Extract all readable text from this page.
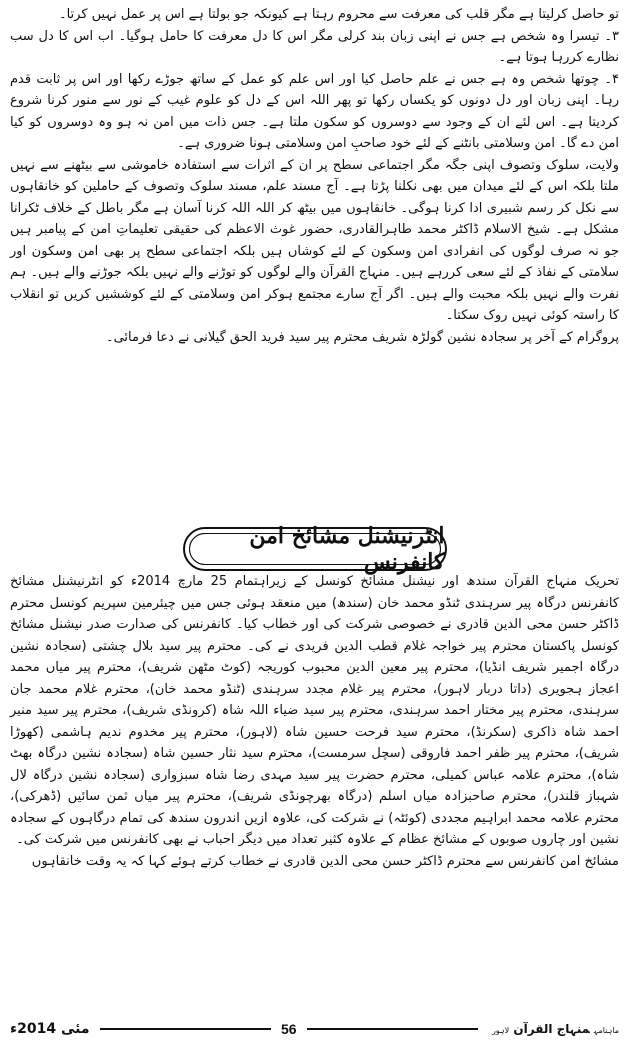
تو حاصل کرلیتا ہے مگر قلب کی معرفت سے محروم رہتا ہے کیونکہ جو بولتا ہے اس پر عمل نہیں کرتا۔

۳۔ تیسرا وہ شخص ہے جس نے اپنی زبان بند کرلی مگر اس کا دل معرفت کا حامل ہوگیا۔ اب اس کا دل سب نظارے کررہا ہوتا ہے۔

۴۔ چوتھا شخص وہ ہے جس نے علم حاصل کیا اور اس علم کو عمل کے ساتھ جوڑے رکھا اور اس پر ثابت قدم رہا۔ اپنی زبان اور دل دونوں کو یکساں رکھا تو پھر اللہ اس کے دل کو علوم غیب کے نور سے منور کرنا شروع کردیتا ہے۔ اس لئے ان کے وجود سے دوسروں کو سکون ملتا ہے۔ جس ذات میں امن نہ ہو وہ دوسروں کو کیا امن دے گا۔ امن وسلامتی بانٹنے کے لئے خود صاحبِ امن وسلامتی ہونا ضروری ہے۔

ولایت، سلوک وتصوف اپنی جگہ مگر اجتماعی سطح پر ان کے اثرات سے استفادہ خاموشی سے بیٹھنے سے نہیں ملتا بلکہ اس کے لئے میدان میں بھی نکلنا پڑتا ہے۔ آج مسند علم، مسند سلوک وتصوف کے حاملین کو خانقاہوں سے نکل کر رسم شبیری ادا کرنا ہوگی۔ خانقاہوں میں بیٹھ کر اللہ اللہ کرنا آسان ہے مگر باطل کے خلاف ٹکرانا مشکل ہے۔ شیخ الاسلام ڈاکٹر محمد طاہرالقادری، حضور غوث الاعظم کی حقیقی تعلیماتِ امن کے پیامبر ہیں جو نہ صرف لوگوں کی انفرادی امن وسکون کے لئے کوشاں ہیں بلکہ اجتماعی سطح پر بھی امن وسکون اور سلامتی کے نفاذ کے لئے سعی کررہے ہیں۔ منہاج القرآن والے لوگوں کو توڑنے والے نہیں بلکہ جوڑنے والے ہیں۔ ہم نفرت والے نہیں بلکہ محبت والے ہیں۔ اگر آج سارے مجتمع ہوکر امن وسلامتی کے لئے کوششیں کریں تو انقلاب کا راستہ کوئی نہیں روک سکتا۔

پروگرام کے آخر پر سجادہ نشین گولڑہ شریف محترم پیر سید فرید الحق گیلانی نے دعا فرمائی۔

انٹرنیشنل مشائخ امن کانفرنس

تحریک منہاج القرآن سندھ اور نیشنل مشائخ کونسل کے زیراہتمام 25 مارچ 2014ء کو انٹرنیشنل مشائخ کانفرنس درگاہ پیر سرہندی ٹنڈو محمد خان (سندھ) میں منعقد ہوئی جس میں چیئرمین سپریم کونسل محترم ڈاکٹر حسن محی الدین قادری نے خصوصی شرکت کی اور خطاب کیا۔ کانفرنس کی صدارت صدر نیشنل مشائخ کونسل پاکستان محترم پیر خواجہ غلام قطب الدین فریدی نے کی۔ محترم پیر سید بلال چشتی (سجادہ نشین درگاہ اجمیر شریف انڈیا)، محترم پیر معین الدین محبوب کوریجہ (کوٹ مٹھن شریف)، محترم پیر میاں محمد اعجاز ہجویری (داتا دربار لاہور)، محترم پیر غلام مجدد سرہندی (ٹنڈو محمد خان)، محترم غلام محمد جان سرہندی، محترم پیر مختار احمد سرہندی، محترم پیر سید ضیاء اللہ شاہ (کرونڈی شریف)، محترم پیر سید منیر احمد شاہ ذاکری (سکرنڈ)، محترم سید فرحت حسین شاہ (لاہور)، محترم پیر مخدوم ندیم ہاشمی (کھوڑا شریف)، محترم پیر ظفر احمد فاروقی (سچل سرمست)، محترم سید نثار حسین شاہ (سجادہ نشین درگاہ بھٹ شاہ)، محترم علامہ عباس کمیلی، محترم حضرت پیر سید مہدی رضا شاہ سبزواری (سجادہ نشین درگاہ لال شہباز قلندر)، محترم صاحبزادہ میاں اسلم (درگاہ بھرچونڈی شریف)، محترم پیر میاں ثمن سائیں (ڈھرکی)، محترم علامہ محمد ابراہیم مجددی (کوئٹہ) نے شرکت کی، علاوہ ازیں اندرون سندھ کی تمام درگاہوں کے سجادہ نشین اور چاروں صوبوں کے مشائخ عظام کے علاوہ کثیر تعداد میں دیگر احباب نے بھی کانفرنس میں شرکت کی۔

مشائخ امن کانفرنس سے محترم ڈاکٹر حسن محی الدین قادری نے خطاب کرتے ہوئے کہا کہ یہ وقت خانقاہوں

ماہنامہمنہاج القرآن لاہور
56
مئی 2014ء
